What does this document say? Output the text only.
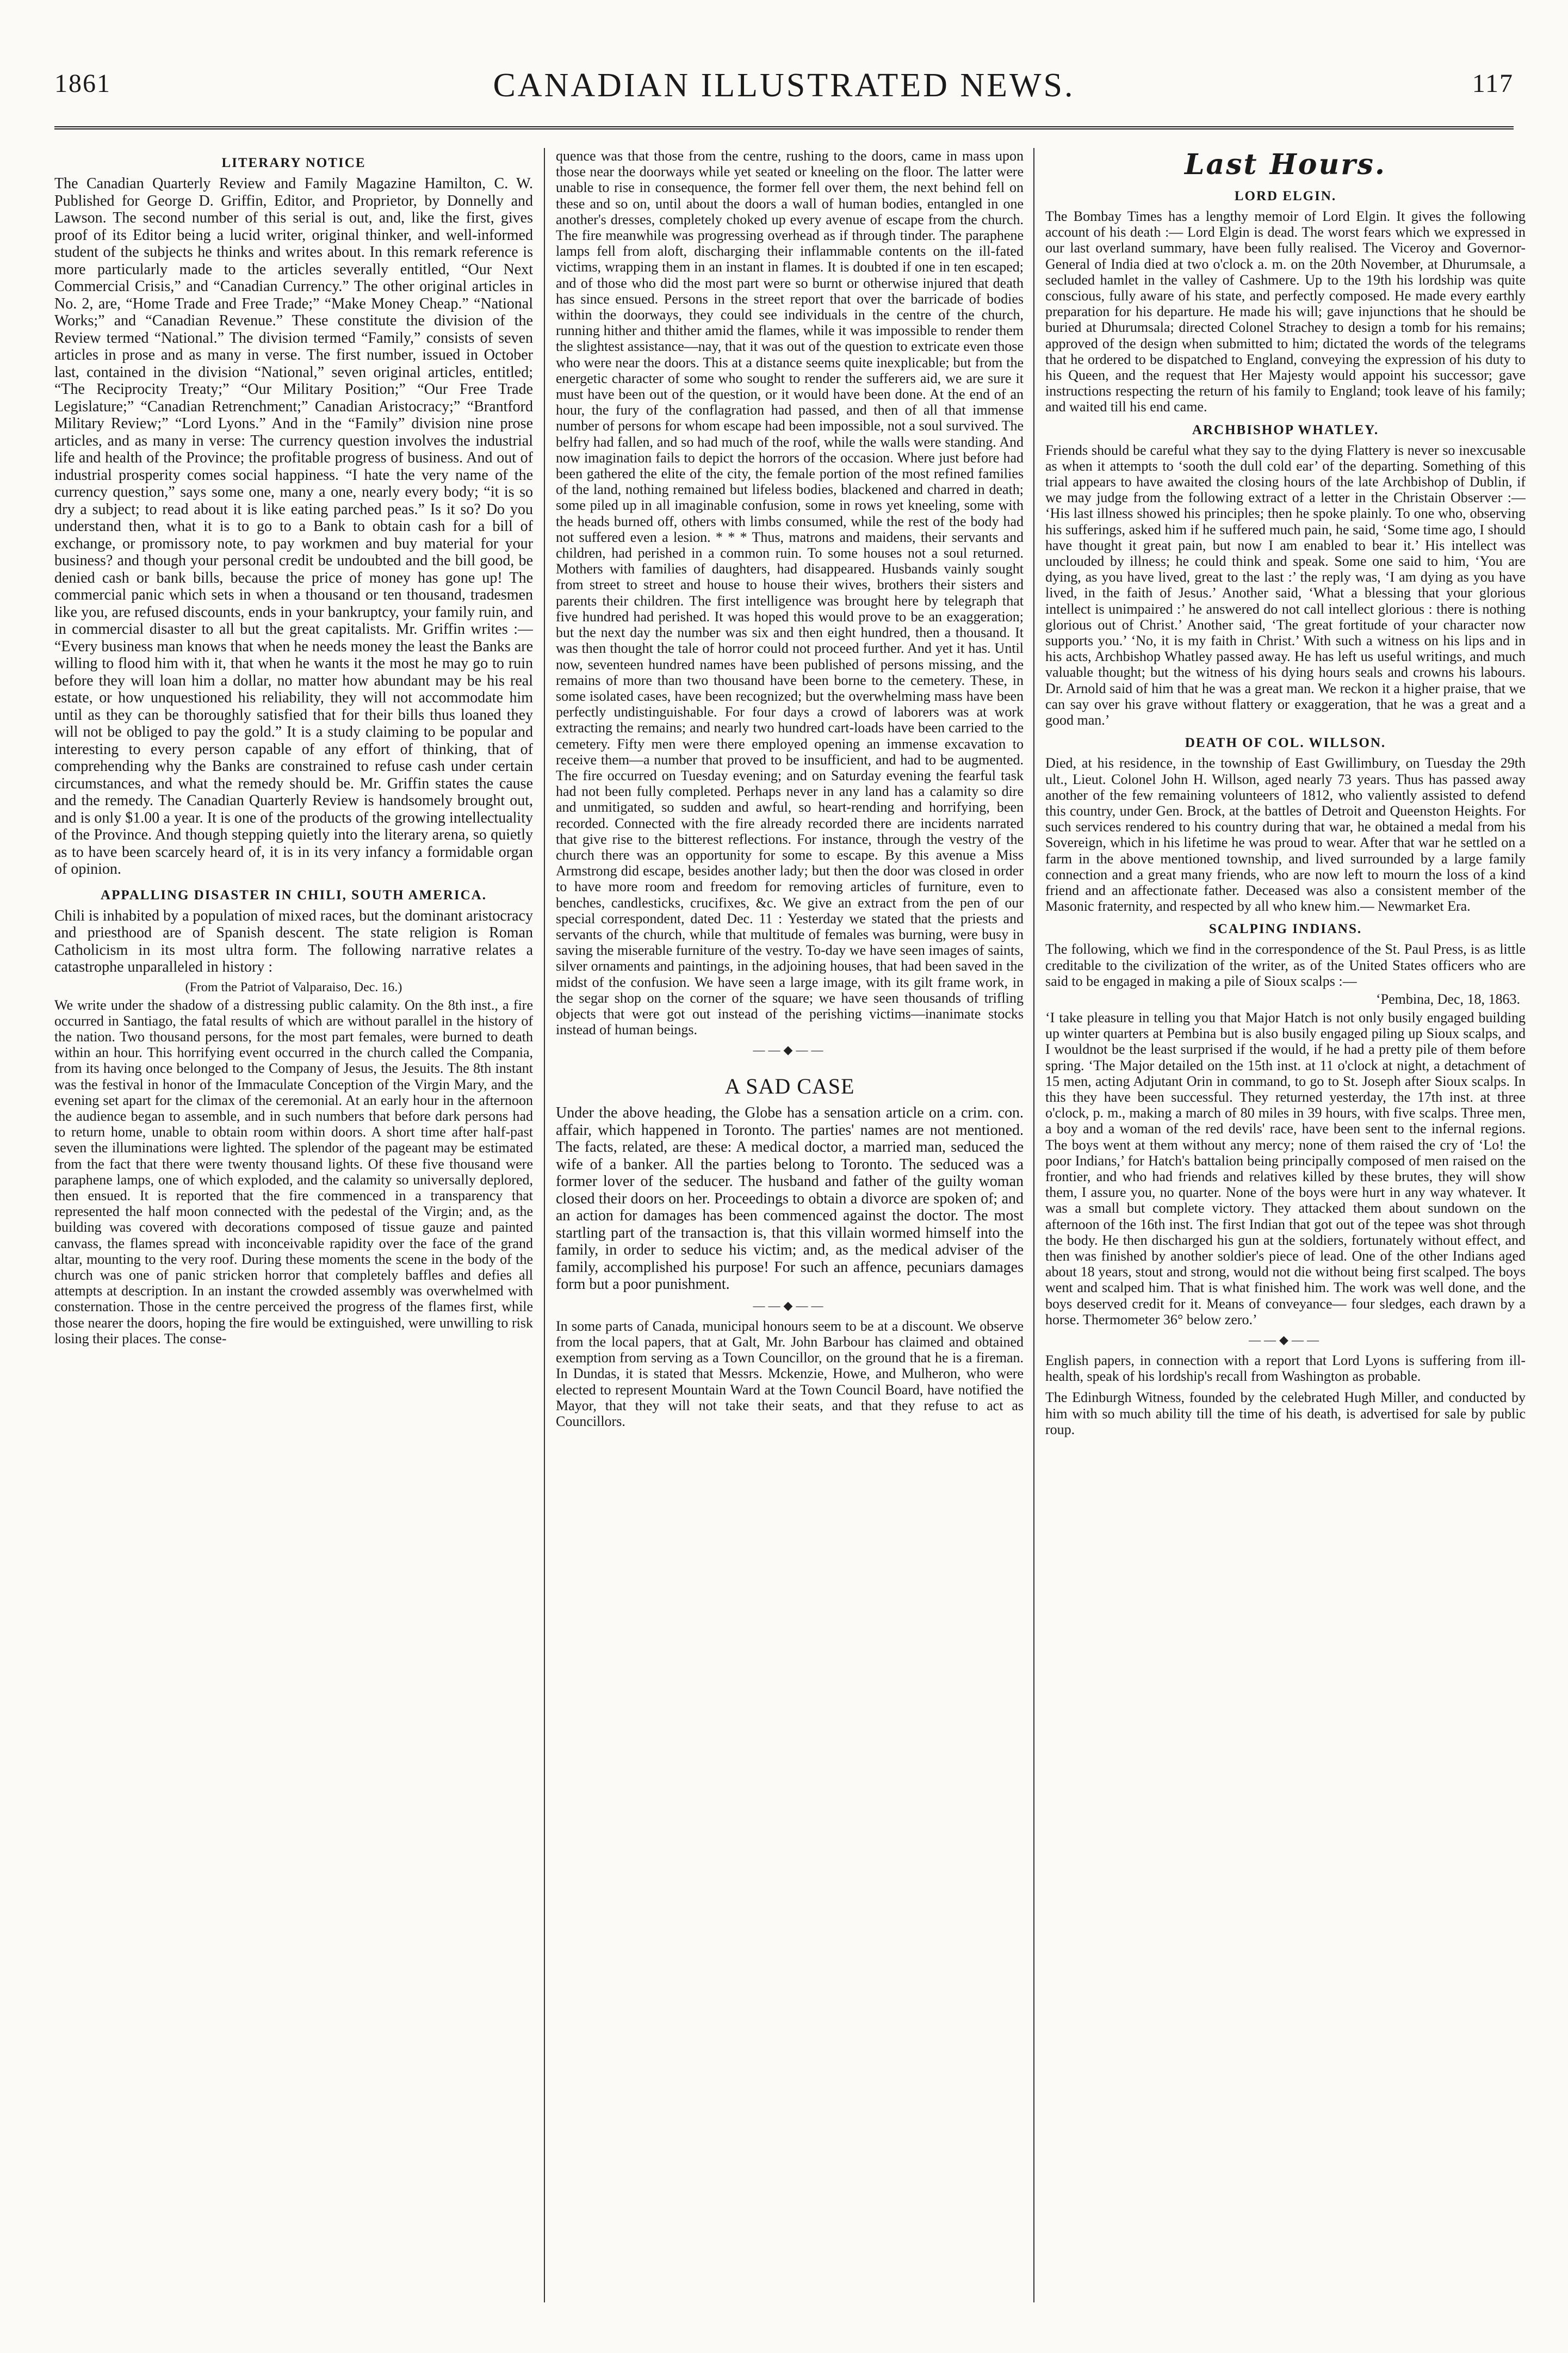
1861	CANADIAN ILLUSTRATED NEWS.	117
LITERARY NOTICE

The Canadian Quarterly Review and Family Magazine Hamilton, C. W. Published for George D. Griffin, Editor, and Proprietor, by Donnelly and Lawson. The second number of this serial is out, and, like the first, gives proof of its Editor being a lucid writer, original thinker, and well-informed student of the subjects he thinks and writes about. In this remark reference is more particularly made to the articles severally entitled, “Our Next Commercial Crisis,” and “Canadian Currency.” The other original articles in No. 2, are, “Home Trade and Free Trade;” “Make Money Cheap.” “National Works;” and “Canadian Revenue.” These constitute the division of the Review termed “National.” The division termed “Family,” consists of seven articles in prose and as many in verse. The first number, issued in October last, contained in the division “National,” seven original articles, entitled; “The Reciprocity Treaty;” “Our Military Position;” “Our Free Trade Legislature;” “Canadian Retrenchment;” Canadian Aristocracy;” “Brantford Military Review;” “Lord Lyons.” And in the “Family” division nine prose articles, and as many in verse: The currency question involves the industrial life and health of the Province; the profitable progress of business. And out of industrial prosperity comes social happiness. “I hate the very name of the currency question,” says some one, many a one, nearly every body; “it is so dry a subject; to read about it is like eating parched peas.” Is it so? Do you understand then, what it is to go to a Bank to obtain cash for a bill of exchange, or promissory note, to pay workmen and buy material for your business? and though your personal credit be undoubted and the bill good, be denied cash or bank bills, because the price of money has gone up! The commercial panic which sets in when a thousand or ten thousand, tradesmen like you, are refused discounts, ends in your bankruptcy, your family ruin, and in commercial disaster to all but the great capitalists. Mr. Griffin writes :— “Every business man knows that when he needs money the least the Banks are willing to flood him with it, that when he wants it the most he may go to ruin before they will loan him a dollar, no matter how abundant may be his real estate, or how unquestioned his reliability, they will not accommodate him until as they can be thoroughly satisfied that for their bills thus loaned they will not be obliged to pay the gold.” It is a study claiming to be popular and interesting to every person capable of any effort of thinking, that of comprehending why the Banks are constrained to refuse cash under certain circumstances, and what the remedy should be. Mr. Griffin states the cause and the remedy. The Canadian Quarterly Review is handsomely brought out, and is only $1.00 a year. It is one of the products of the growing intellectuality of the Province. And though stepping quietly into the literary arena, so quietly as to have been scarcely heard of, it is in its very infancy a formidable organ of opinion.

APPALLING DISASTER IN CHILI, SOUTH AMERICA.

Chili is inhabited by a population of mixed races, but the dominant aristocracy and priesthood are of Spanish descent. The state religion is Roman Catholicism in its most ultra form. The following narrative relates a catastrophe unparalleled in history :

(From the Patriot of Valparaiso, Dec. 16.)

We write under the shadow of a distressing public calamity. On the 8th inst., a fire occurred in Santiago, the fatal results of which are without parallel in the history of the nation. Two thousand persons, for the most part females, were burned to death within an hour. This horrifying event occurred in the church called the Compania, from its having once belonged to the Company of Jesus, the Jesuits. The 8th instant was the festival in honor of the Immaculate Conception of the Virgin Mary, and the evening set apart for the climax of the ceremonial. At an early hour in the afternoon the audience began to assemble, and in such numbers that before dark persons had to return home, unable to obtain room within doors. A short time after half-past seven the illuminations were lighted. The splendor of the pageant may be estimated from the fact that there were twenty thousand lights. Of these five thousand were paraphene lamps, one of which exploded, and the calamity so universally deplored, then ensued. It is reported that the fire commenced in a transparency that represented the half moon connected with the pedestal of the Virgin; and, as the building was covered with decorations composed of tissue gauze and painted canvass, the flames spread with inconceivable rapidity over the face of the grand altar, mounting to the very roof. During these moments the scene in the body of the church was one of panic stricken horror that completely baffles and defies all attempts at description. In an instant the crowded assembly was overwhelmed with consternation. Those in the centre perceived the progress of the flames first, while those nearer the doors, hoping the fire would be extinguished, were unwilling to risk losing their places. The conse-

quence was that those from the centre, rushing to the doors, came in mass upon those near the doorways while yet seated or kneeling on the floor. The latter were unable to rise in consequence, the former fell over them, the next behind fell on these and so on, until about the doors a wall of human bodies, entangled in one another's dresses, completely choked up every avenue of escape from the church. The fire meanwhile was progressing overhead as if through tinder. The paraphene lamps fell from aloft, discharging their inflammable contents on the ill-fated victims, wrapping them in an instant in flames. It is doubted if one in ten escaped; and of those who did the most part were so burnt or otherwise injured that death has since ensued. Persons in the street report that over the barricade of bodies within the doorways, they could see individuals in the centre of the church, running hither and thither amid the flames, while it was impossible to render them the slightest assistance—nay, that it was out of the question to extricate even those who were near the doors. This at a distance seems quite inexplicable; but from the energetic character of some who sought to render the sufferers aid, we are sure it must have been out of the question, or it would have been done. At the end of an hour, the fury of the conflagration had passed, and then of all that immense number of persons for whom escape had been impossible, not a soul survived. The belfry had fallen, and so had much of the roof, while the walls were standing. And now imagination fails to depict the horrors of the occasion. Where just before had been gathered the elite of the city, the female portion of the most refined families of the land, nothing remained but lifeless bodies, blackened and charred in death; some piled up in all imaginable confusion, some in rows yet kneeling, some with the heads burned off, others with limbs consumed, while the rest of the body had not suffered even a lesion. * * * Thus, matrons and maidens, their servants and children, had perished in a common ruin. To some houses not a soul returned. Mothers with families of daughters, had disappeared. Husbands vainly sought from street to street and house to house their wives, brothers their sisters and parents their children. The first intelligence was brought here by telegraph that five hundred had perished. It was hoped this would prove to be an exaggeration; but the next day the number was six and then eight hundred, then a thousand. It was then thought the tale of horror could not proceed further. And yet it has. Until now, seventeen hundred names have been published of persons missing, and the remains of more than two thousand have been borne to the cemetery. These, in some isolated cases, have been recognized; but the overwhelming mass have been perfectly undistinguishable. For four days a crowd of laborers was at work extracting the remains; and nearly two hundred cart-loads have been carried to the cemetery. Fifty men were there employed opening an immense excavation to receive them—a number that proved to be insufficient, and had to be augmented. The fire occurred on Tuesday evening; and on Saturday evening the fearful task had not been fully completed. Perhaps never in any land has a calamity so dire and unmitigated, so sudden and awful, so heart-rending and horrifying, been recorded. Connected with the fire already recorded there are incidents narrated that give rise to the bitterest reflections. For instance, through the vestry of the church there was an opportunity for some to escape. By this avenue a Miss Armstrong did escape, besides another lady; but then the door was closed in order to have more room and freedom for removing articles of furniture, even to benches, candlesticks, crucifixes, &c. We give an extract from the pen of our special correspondent, dated Dec. 11 : Yesterday we stated that the priests and servants of the church, while that multitude of females was burning, were busy in saving the miserable furniture of the vestry. To-day we have seen images of saints, silver ornaments and paintings, in the adjoining houses, that had been saved in the midst of the confusion. We have seen a large image, with its gilt frame work, in the segar shop on the corner of the square; we have seen thousands of trifling objects that were got out instead of the perishing victims—inanimate stocks instead of human beings.

——◆——
A SAD CASE

Under the above heading, the Globe has a sensation article on a crim. con. affair, which happened in Toronto. The parties' names are not mentioned. The facts, related, are these: A medical doctor, a married man, seduced the wife of a banker. All the parties belong to Toronto. The seduced was a former lover of the seducer. The husband and father of the guilty woman closed their doors on her. Proceedings to obtain a divorce are spoken of; and an action for damages has been commenced against the doctor. The most startling part of the transaction is, that this villain wormed himself into the family, in order to seduce his victim; and, as the medical adviser of the family, accomplished his purpose! For such an affence, pecuniars damages form but a poor punishment.

——◆——

In some parts of Canada, municipal honours seem to be at a discount. We observe from the local papers, that at Galt, Mr. John Barbour has claimed and obtained exemption from serving as a Town Councillor, on the ground that he is a fireman. In Dundas, it is stated that Messrs. Mckenzie, Howe, and Mulheron, who were elected to represent Mountain Ward at the Town Council Board, have notified the Mayor, that they will not take their seats, and that they refuse to act as Councillors.

Last Hours.
LORD ELGIN.

The Bombay Times has a lengthy memoir of Lord Elgin. It gives the following account of his death :— Lord Elgin is dead. The worst fears which we expressed in our last overland summary, have been fully realised. The Viceroy and Governor-General of India died at two o'clock a. m. on the 20th November, at Dhurumsale, a secluded hamlet in the valley of Cashmere. Up to the 19th his lordship was quite conscious, fully aware of his state, and perfectly composed. He made every earthly preparation for his departure. He made his will; gave injunctions that he should be buried at Dhurumsala; directed Colonel Strachey to design a tomb for his remains; approved of the design when submitted to him; dictated the words of the telegrams that he ordered to be dispatched to England, conveying the expression of his duty to his Queen, and the request that Her Majesty would appoint his successor; gave instructions respecting the return of his family to England; took leave of his family; and waited till his end came.

ARCHBISHOP WHATLEY.

Friends should be careful what they say to the dying Flattery is never so inexcusable as when it attempts to ‘sooth the dull cold ear’ of the departing. Something of this trial appears to have awaited the closing hours of the late Archbishop of Dublin, if we may judge from the following extract of a letter in the Christain Observer :— ‘His last illness showed his principles; then he spoke plainly. To one who, observing his sufferings, asked him if he suffered much pain, he said, ‘Some time ago, I should have thought it great pain, but now I am enabled to bear it.’ His intellect was unclouded by illness; he could think and speak. Some one said to him, ‘You are dying, as you have lived, great to the last :’ the reply was, ‘I am dying as you have lived, in the faith of Jesus.’ Another said, ‘What a blessing that your glorious intellect is unimpaired :’ he answered do not call intellect glorious : there is nothing glorious out of Christ.’ Another said, ‘The great fortitude of your character now supports you.’ ‘No, it is my faith in Christ.’ With such a witness on his lips and in his acts, Archbishop Whatley passed away. He has left us useful writings, and much valuable thought; but the witness of his dying hours seals and crowns his labours. Dr. Arnold said of him that he was a great man. We reckon it a higher praise, that we can say over his grave without flattery or exaggeration, that he was a great and a good man.’

DEATH OF COL. WILLSON.

Died, at his residence, in the township of East Gwillimbury, on Tuesday the 29th ult., Lieut. Colonel John H. Willson, aged nearly 73 years. Thus has passed away another of the few remaining volunteers of 1812, who valiently assisted to defend this country, under Gen. Brock, at the battles of Detroit and Queenston Heights. For such services rendered to his country during that war, he obtained a medal from his Sovereign, which in his lifetime he was proud to wear. After that war he settled on a farm in the above mentioned township, and lived surrounded by a large family connection and a great many friends, who are now left to mourn the loss of a kind friend and an affectionate father. Deceased was also a consistent member of the Masonic fraternity, and respected by all who knew him.— Newmarket Era.

SCALPING INDIANS.

The following, which we find in the correspondence of the St. Paul Press, is as little creditable to the civilization of the writer, as of the United States officers who are said to be engaged in making a pile of Sioux scalps :—

‘Pembina, Dec, 18, 1863.

‘I take pleasure in telling you that Major Hatch is not only busily engaged building up winter quarters at Pembina but is also busily engaged piling up Sioux scalps, and I wouldnot be the least surprised if the would, if he had a pretty pile of them before spring. ‘The Major detailed on the 15th inst. at 11 o'clock at night, a detachment of 15 men, acting Adjutant Orin in command, to go to St. Joseph after Sioux scalps. In this they have been successful. They returned yesterday, the 17th inst. at three o'clock, p. m., making a march of 80 miles in 39 hours, with five scalps. Three men, a boy and a woman of the red devils' race, have been sent to the infernal regions. The boys went at them without any mercy; none of them raised the cry of ‘Lo! the poor Indians,’ for Hatch's battalion being principally composed of men raised on the frontier, and who had friends and relatives killed by these brutes, they will show them, I assure you, no quarter. None of the boys were hurt in any way whatever. It was a small but complete victory. They attacked them about sundown on the afternoon of the 16th inst. The first Indian that got out of the tepee was shot through the body. He then discharged his gun at the soldiers, fortunately without effect, and then was finished by another soldier's piece of lead. One of the other Indians aged about 18 years, stout and strong, would not die without being first scalped. The boys went and scalped him. That is what finished him. The work was well done, and the boys deserved credit for it. Means of conveyance— four sledges, each drawn by a horse. Thermometer 36° below zero.’

——◆——

English papers, in connection with a report that Lord Lyons is suffering from ill-health, speak of his lordship's recall from Washington as probable.

The Edinburgh Witness, founded by the celebrated Hugh Miller, and conducted by him with so much ability till the time of his death, is advertised for sale by public roup.
